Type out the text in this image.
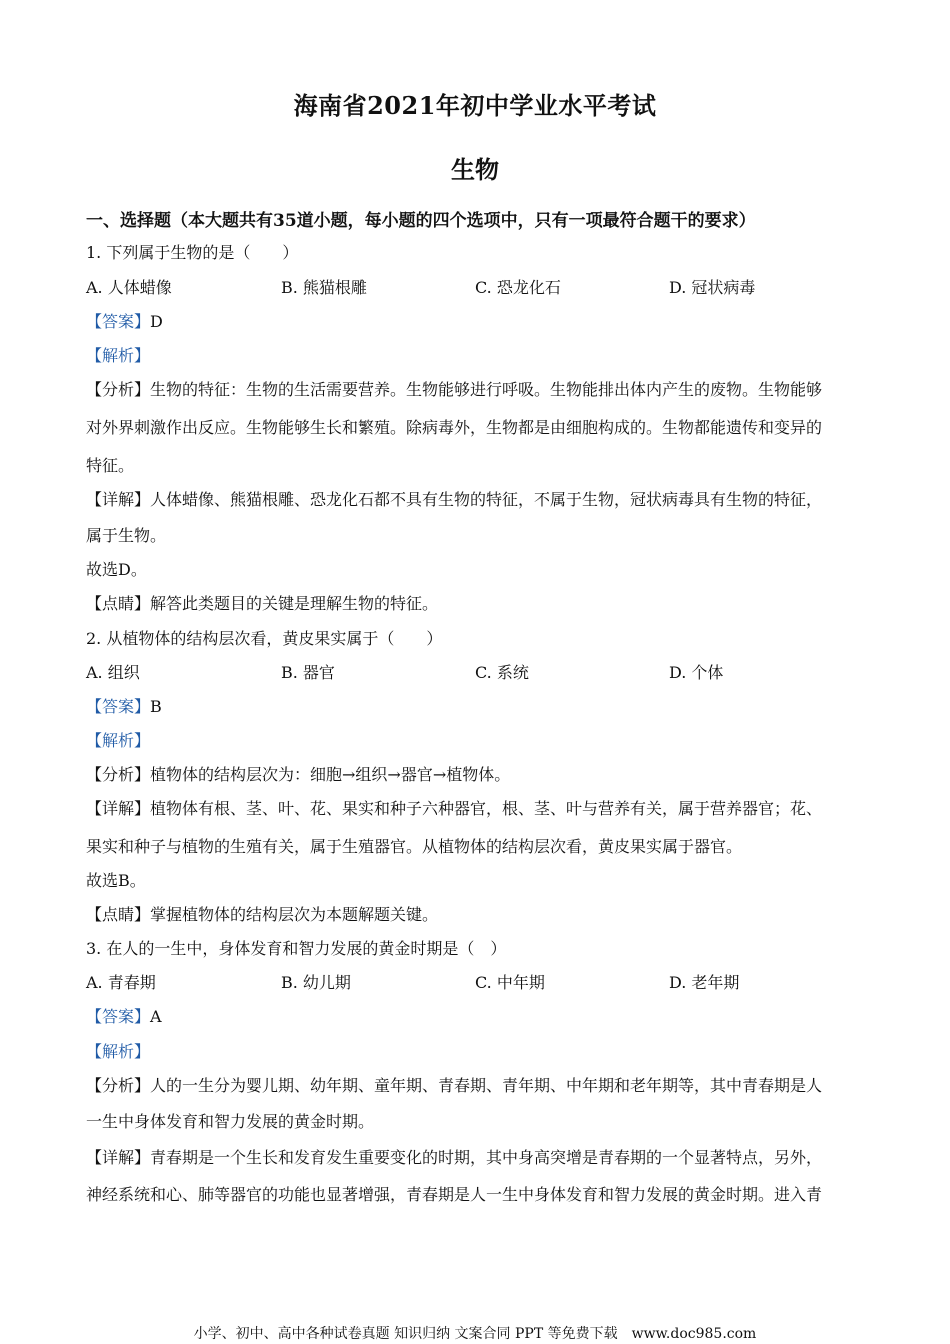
海南省2021年初中学业水平考试
生物
一、选择题（本大题共有35道小题，每小题的四个选项中，只有一项最符合题干的要求）
1. 下列属于生物的是（　　）
A. 人体蜡像	B. 熊猫根雕	C. 恐龙化石	D. 冠状病毒
【答案】D
【解析】
【分析】生物的特征：生物的生活需要营养。生物能够进行呼吸。生物能排出体内产生的废物。生物能够
对外界刺激作出反应。生物能够生长和繁殖。除病毒外，生物都是由细胞构成的。生物都能遗传和变异的
特征。
【详解】人体蜡像、熊猫根雕、恐龙化石都不具有生物的特征，不属于生物，冠状病毒具有生物的特征，
属于生物。
故选D。
【点睛】解答此类题目的关键是理解生物的特征。
2. 从植物体的结构层次看，黄皮果实属于（　　）
A. 组织	B. 器官	C. 系统	D. 个体
【答案】B
【解析】
【分析】植物体的结构层次为：细胞→组织→器官→植物体。
【详解】植物体有根、茎、叶、花、果实和种子六种器官，根、茎、叶与营养有关，属于营养器官；花、
果实和种子与植物的生殖有关，属于生殖器官。从植物体的结构层次看，黄皮果实属于器官。
故选B。
【点睛】掌握植物体的结构层次为本题解题关键。
3. 在人的一生中，身体发育和智力发展的黄金时期是（　）
A. 青春期	B. 幼儿期	C. 中年期	D. 老年期
【答案】A
【解析】
【分析】人的一生分为婴儿期、幼年期、童年期、青春期、青年期、中年期和老年期等，其中青春期是人
一生中身体发育和智力发展的黄金时期。
【详解】青春期是一个生长和发育发生重要变化的时期，其中身高突增是青春期的一个显著特点，另外，
神经系统和心、肺等器官的功能也显著增强，青春期是人一生中身体发育和智力发展的黄金时期。进入青
小学、初中、高中各种试卷真题 知识归纳 文案合同 PPT 等免费下载　www.doc985.com
